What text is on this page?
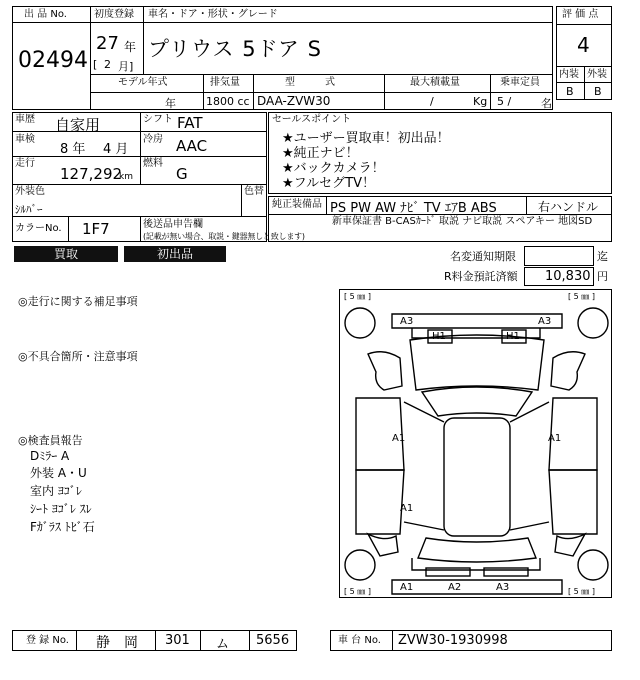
出 品 No.
02494
初度登録
27 年
[ 2 月]
車名・ドア・形状・グレード
プリウス 5ドア S
モデル年式
年
排気量
1800 cc
型　　　式
DAA-ZVW30
最大積載量
/	Kg
乗車定員
5 /	名
評 価 点
4
内装 外装
B B
車歴 自家用	シフト FAT
車検
8 年 4 月
冷房 AAC
走行
127,292
km
燃料
G
外装色
ｼﾙﾊﾞｰ
色替
カラーNo. 1F7	後送品申告欄
(記載が無い場合、取説・鍵器無しと致します)
セールスポイント
★ユーザー買取車！初出品！
★純正ナビ！
★バックカメラ！
★フルセグTV！
純正装備品 PS PW AW ﾅﾋﾞ TV ｴｱB ABS	右ハンドル
新車保証書 B-CASｶｰﾄﾞ 取説 ナビ取説 スペアキー 地図SD
買取	初出品	名変通知期限	迄
R料金預託済額 10,830 円
◎走行に関する補足事項
◎不具合箇所・注意事項
◎検査員報告
Dﾐﾗｰ A
外装 A・U
室内 ﾖｺﾞﾚ
ｼｰﾄ ﾖｺﾞﾚ ｽﾚ
Fｶﾞﾗｽ ﾄﾋﾞ石
[ 5 ㎜ ]	[ 5 ㎜ ]
[ 5 ㎜ ]	[ 5 ㎜ ]
A3	A3
H1	H1
A1	A1
A1
A1	A2	A3
登 録 No. 静　岡 301 ム 5656	車 台 No. ZVW30-1930998
